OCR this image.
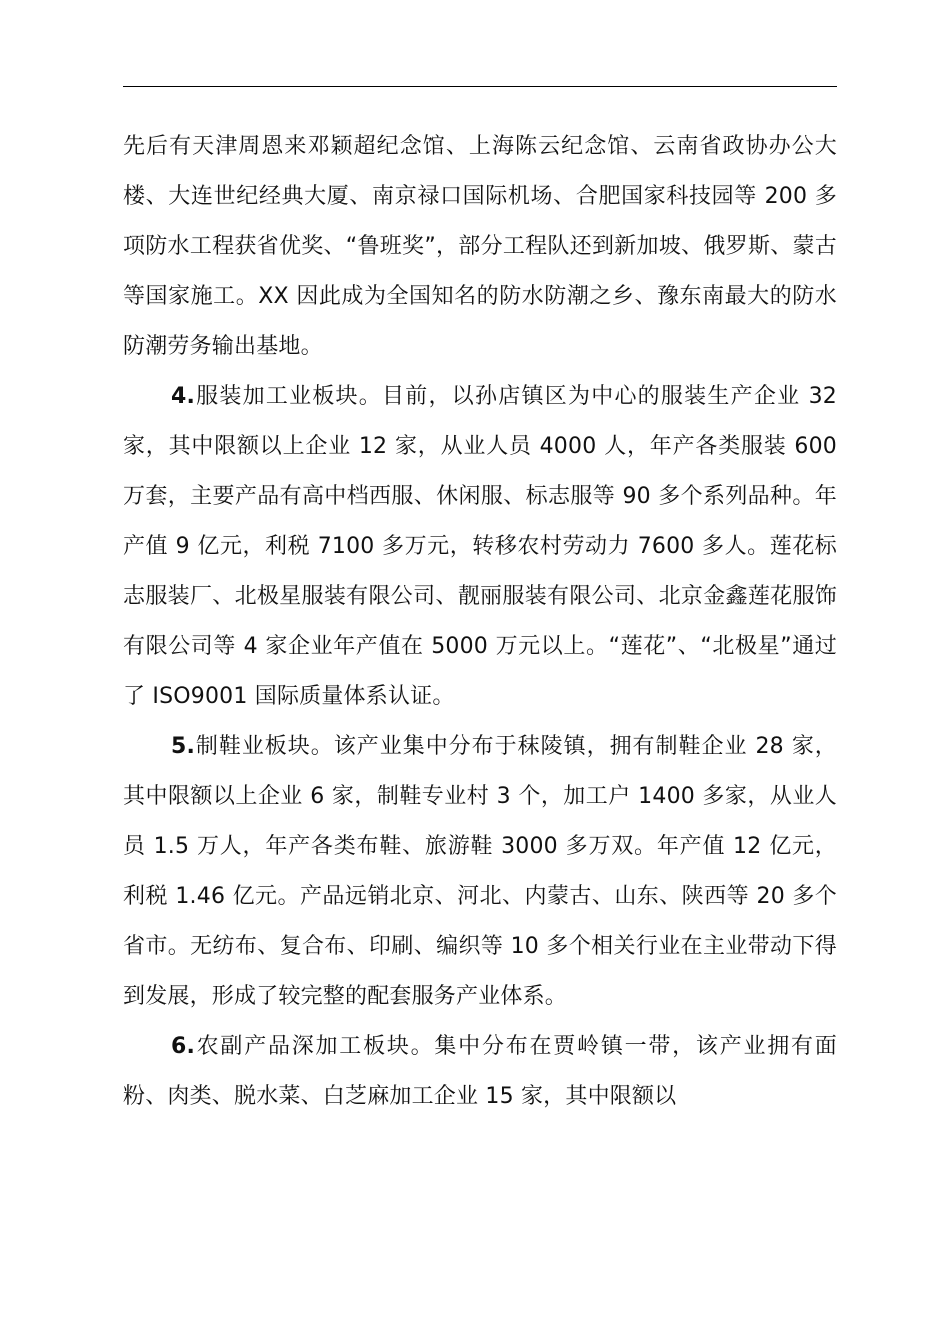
先后有天津周恩来邓颖超纪念馆、上海陈云纪念馆、云南省政协办公大楼、大连世纪经典大厦、南京禄口国际机场、合肥国家科技园等 200 多项防水工程获省优奖、“鲁班奖”，部分工程队还到新加坡、俄罗斯、蒙古等国家施工。XX 因此成为全国知名的防水防潮之乡、豫东南最大的防水防潮劳务输出基地。

4.服装加工业板块。目前，以孙店镇区为中心的服装生产企业 32 家，其中限额以上企业 12 家，从业人员 4000 人，年产各类服装 600 万套，主要产品有高中档西服、休闲服、标志服等 90 多个系列品种。年产值 9 亿元，利税 7100 多万元，转移农村劳动力 7600 多人。莲花标志服装厂、北极星服装有限公司、靓丽服装有限公司、北京金鑫莲花服饰有限公司等 4 家企业年产值在 5000 万元以上。“莲花”、“北极星”通过了 ISO9001 国际质量体系认证。

5.制鞋业板块。该产业集中分布于秣陵镇，拥有制鞋企业 28 家，其中限额以上企业 6 家，制鞋专业村 3 个，加工户 1400 多家，从业人员 1.5 万人，年产各类布鞋、旅游鞋 3000 多万双。年产值 12 亿元，利税 1.46 亿元。产品远销北京、河北、内蒙古、山东、陕西等 20 多个省市。无纺布、复合布、印刷、编织等 10 多个相关行业在主业带动下得到发展，形成了较完整的配套服务产业体系。

6.农副产品深加工板块。集中分布在贾岭镇一带，该产业拥有面粉、肉类、脱水菜、白芝麻加工企业 15 家，其中限额以
